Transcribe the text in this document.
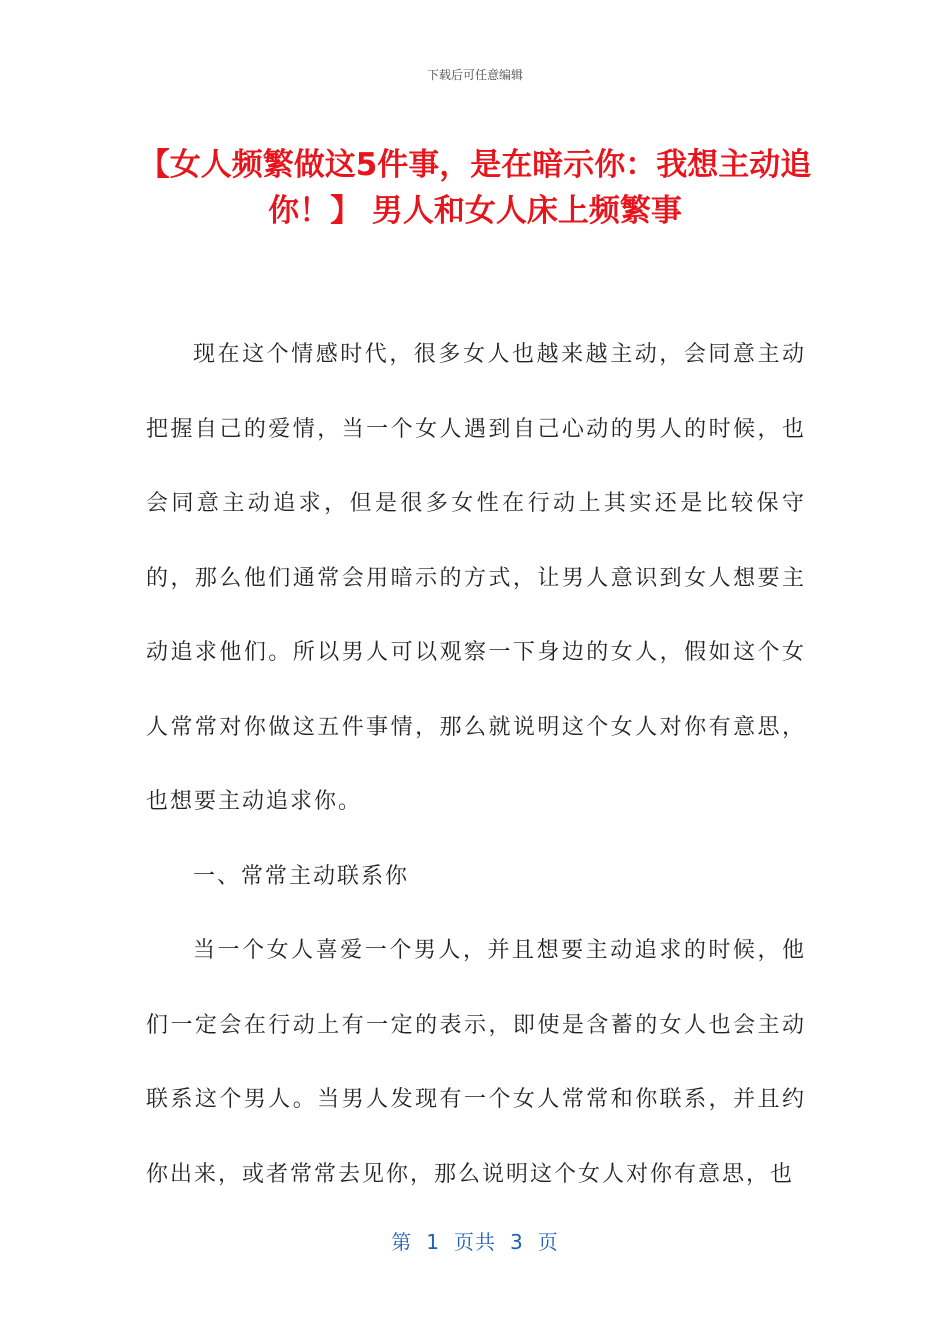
下载后可任意编辑
【女人频繁做这5件事，是在暗示你：我想主动追你！】 男人和女人床上频繁事

现在这个情感时代，很多女人也越来越主动，会同意主动把握自己的爱情，当一个女人遇到自己心动的男人的时候，也会同意主动追求，但是很多女性在行动上其实还是比较保守的，那么他们通常会用暗示的方式，让男人意识到女人想要主动追求他们。所以男人可以观察一下身边的女人，假如这个女人常常对你做这五件事情，那么就说明这个女人对你有意思，也想要主动追求你。

一、常常主动联系你

当一个女人喜爱一个男人，并且想要主动追求的时候，他们一定会在行动上有一定的表示，即使是含蓄的女人也会主动联系这个男人。当男人发现有一个女人常常和你联系，并且约你出来，或者常常去见你，那么说明这个女人对你有意思，也

第 1 页共 3 页
